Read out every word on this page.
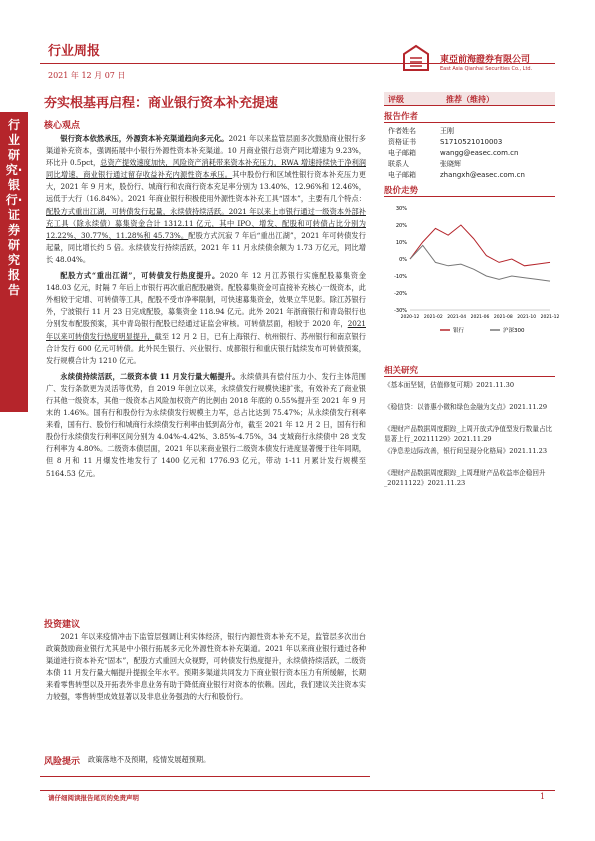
行业周报
2021 年 12 月 07 日
東亞前海證券有限公司
East Asia Qianhai Securities Co., Ltd.
行业研究·银行·证券研究报告
夯实根基再启程：商业银行资本补充提速
核心观点

银行资本依然承压，外源资本补充渠道趋向多元化。2021 年以来监管层面多次鼓励商业银行多渠道补充资本，强调拓展中小银行外源性资本补充渠道。10 月商业银行总资产同比增速为 9.23%，环比升 0.5pct，总资产提效速度加快，风险资产消耗带来资本补充压力，RWA 增速持续快于净利润同比增速，商业银行通过留存收益补充内源性资本承压。其中股份行和区域性银行资本补充压力更大，2021 年 9 月末，股份行、城商行和农商行资本充足率分别为 13.40%、12.96%和 12.46%，远低于大行（16.84%）。2021 年商业银行积极使用外源性资本补充工具“固本”，主要有几个特点：配股方式重出江湖，可转债发行起量，永续债持续活跃。2021 年以来上市银行通过一级资本外部补充工具（除永续债）募集资金合计 1312.11 亿元，其中 IPO、增发、配股和可转债占比分别为 12.22%、30.77%、11.28%和 45.73%。配股方式沉寂 7 年后“重出江湖”，2021 年可转债发行起量，同比增长约 5 倍。永续债发行持续活跃，2021 年 11 月永续债余额为 1.73 万亿元，同比增长 48.04%。

配股方式“重出江湖”，可转债发行热度提升。2020 年 12 月江苏银行实施配股募集资金 148.03 亿元，时隔 7 年后上市银行再次重启配股融资。配股募集资金可直接补充核心一级资本，此外相较于定增、可转债等工具，配股不受市净率限制，可快速募集资金，效果立竿见影。除江苏银行外，宁波银行 11 月 23 日完成配股，募集资金 118.94 亿元。此外 2021 年浙商银行和青岛银行也分别发布配股预案，其中青岛银行配股已经通过证监会审核。可转债层面，相较于 2020 年，2021 年以来可转债发行热度明显提升，截至 12 月 2 日，已有上海银行、杭州银行、苏州银行和南京银行合计发行 600 亿元可转债。此外民生银行、兴业银行、成都银行和重庆银行陆续发布可转债预案，发行规模合计为 1210 亿元。

永续债持续活跃，二级资本债 11 月发行量大幅提升。永续债具有偿付压力小、发行主体范围广、发行条款更为灵活等优势，自 2019 年创立以来，永续债发行规模快速扩张，有效补充了商业银行其他一级资本，其他一级资本占风险加权资产的比例由 2018 年底的 0.55%提升至 2021 年 9 月末的 1.46%。国有行和股份行为永续债发行规模主力军，总占比达到 75.47%；从永续债发行利率来看，国有行、股份行和城商行永续债发行利率由低到高分布，截至 2021 年 12 月 2 日，国有行和股份行永续债发行利率区间分别为 4.04%-4.42%、3.85%-4.75%，34 支城商行永续债中 28 支发行利率为 4.80%。二级资本债层面，2021 年以来商业银行二级资本债发行进度显著慢于往年同期，但 8 月和 11 月爆发性地发行了 1400 亿元和 1776.93 亿元，带动 1-11 月累计发行规模至 5164.53 亿元。

投资建议

2021 年以来疫情冲击下监管层强调让利实体经济，银行内源性资本补充不足，监管层多次出台政策鼓励商业银行尤其是中小银行拓展多元化外源性资本补充渠道。2021 年以来商业银行通过各种渠道进行资本补充“固本”，配股方式重回大众视野，可转债发行热度提升，永续债持续活跃，二级资本债 11 月发行量大幅提升提振全年水平。预期多渠道共同发力下商业银行资本压力有所缓解，长期来看零售转型以及开拓表外非息业务有助于降低商业银行对资本的依赖。因此，我们建议关注资本实力较强，零售转型成效显著以及非息业务强劲的大行和股份行。

风险提示 政策落地不及预期，疫情发展超预期。
评级	推荐（维持）
报告作者
作者姓名	王刚
资格证书	S1710521010003
电子邮箱	wangg@easec.com.cn
联系人	张晓辉
电子邮箱	zhangxh@easec.com.cn
股价走势
30%
20%
10%
0%
-10%
-20%
-30%
2020-12 2021-02 2021-04 2021-06 2021-08 2021-10 2021-12
银行	沪深300
相关研究
《基本面坚韧，估值修复可期》2021.11.30
《稳信贷：以普惠小微和绿色金融为支点》2021.11.29
《理财产品数据周度跟踪_上周开放式净值型发行数量占比显著上行_20211129》2021.11.29
《净息差边际改善，银行间呈现分化格局》2021.11.23
《理财产品数据周度跟踪_上周理财产品收益率企稳回升_20211122》2021.11.23
请仔细阅读报告尾页的免责声明	1
